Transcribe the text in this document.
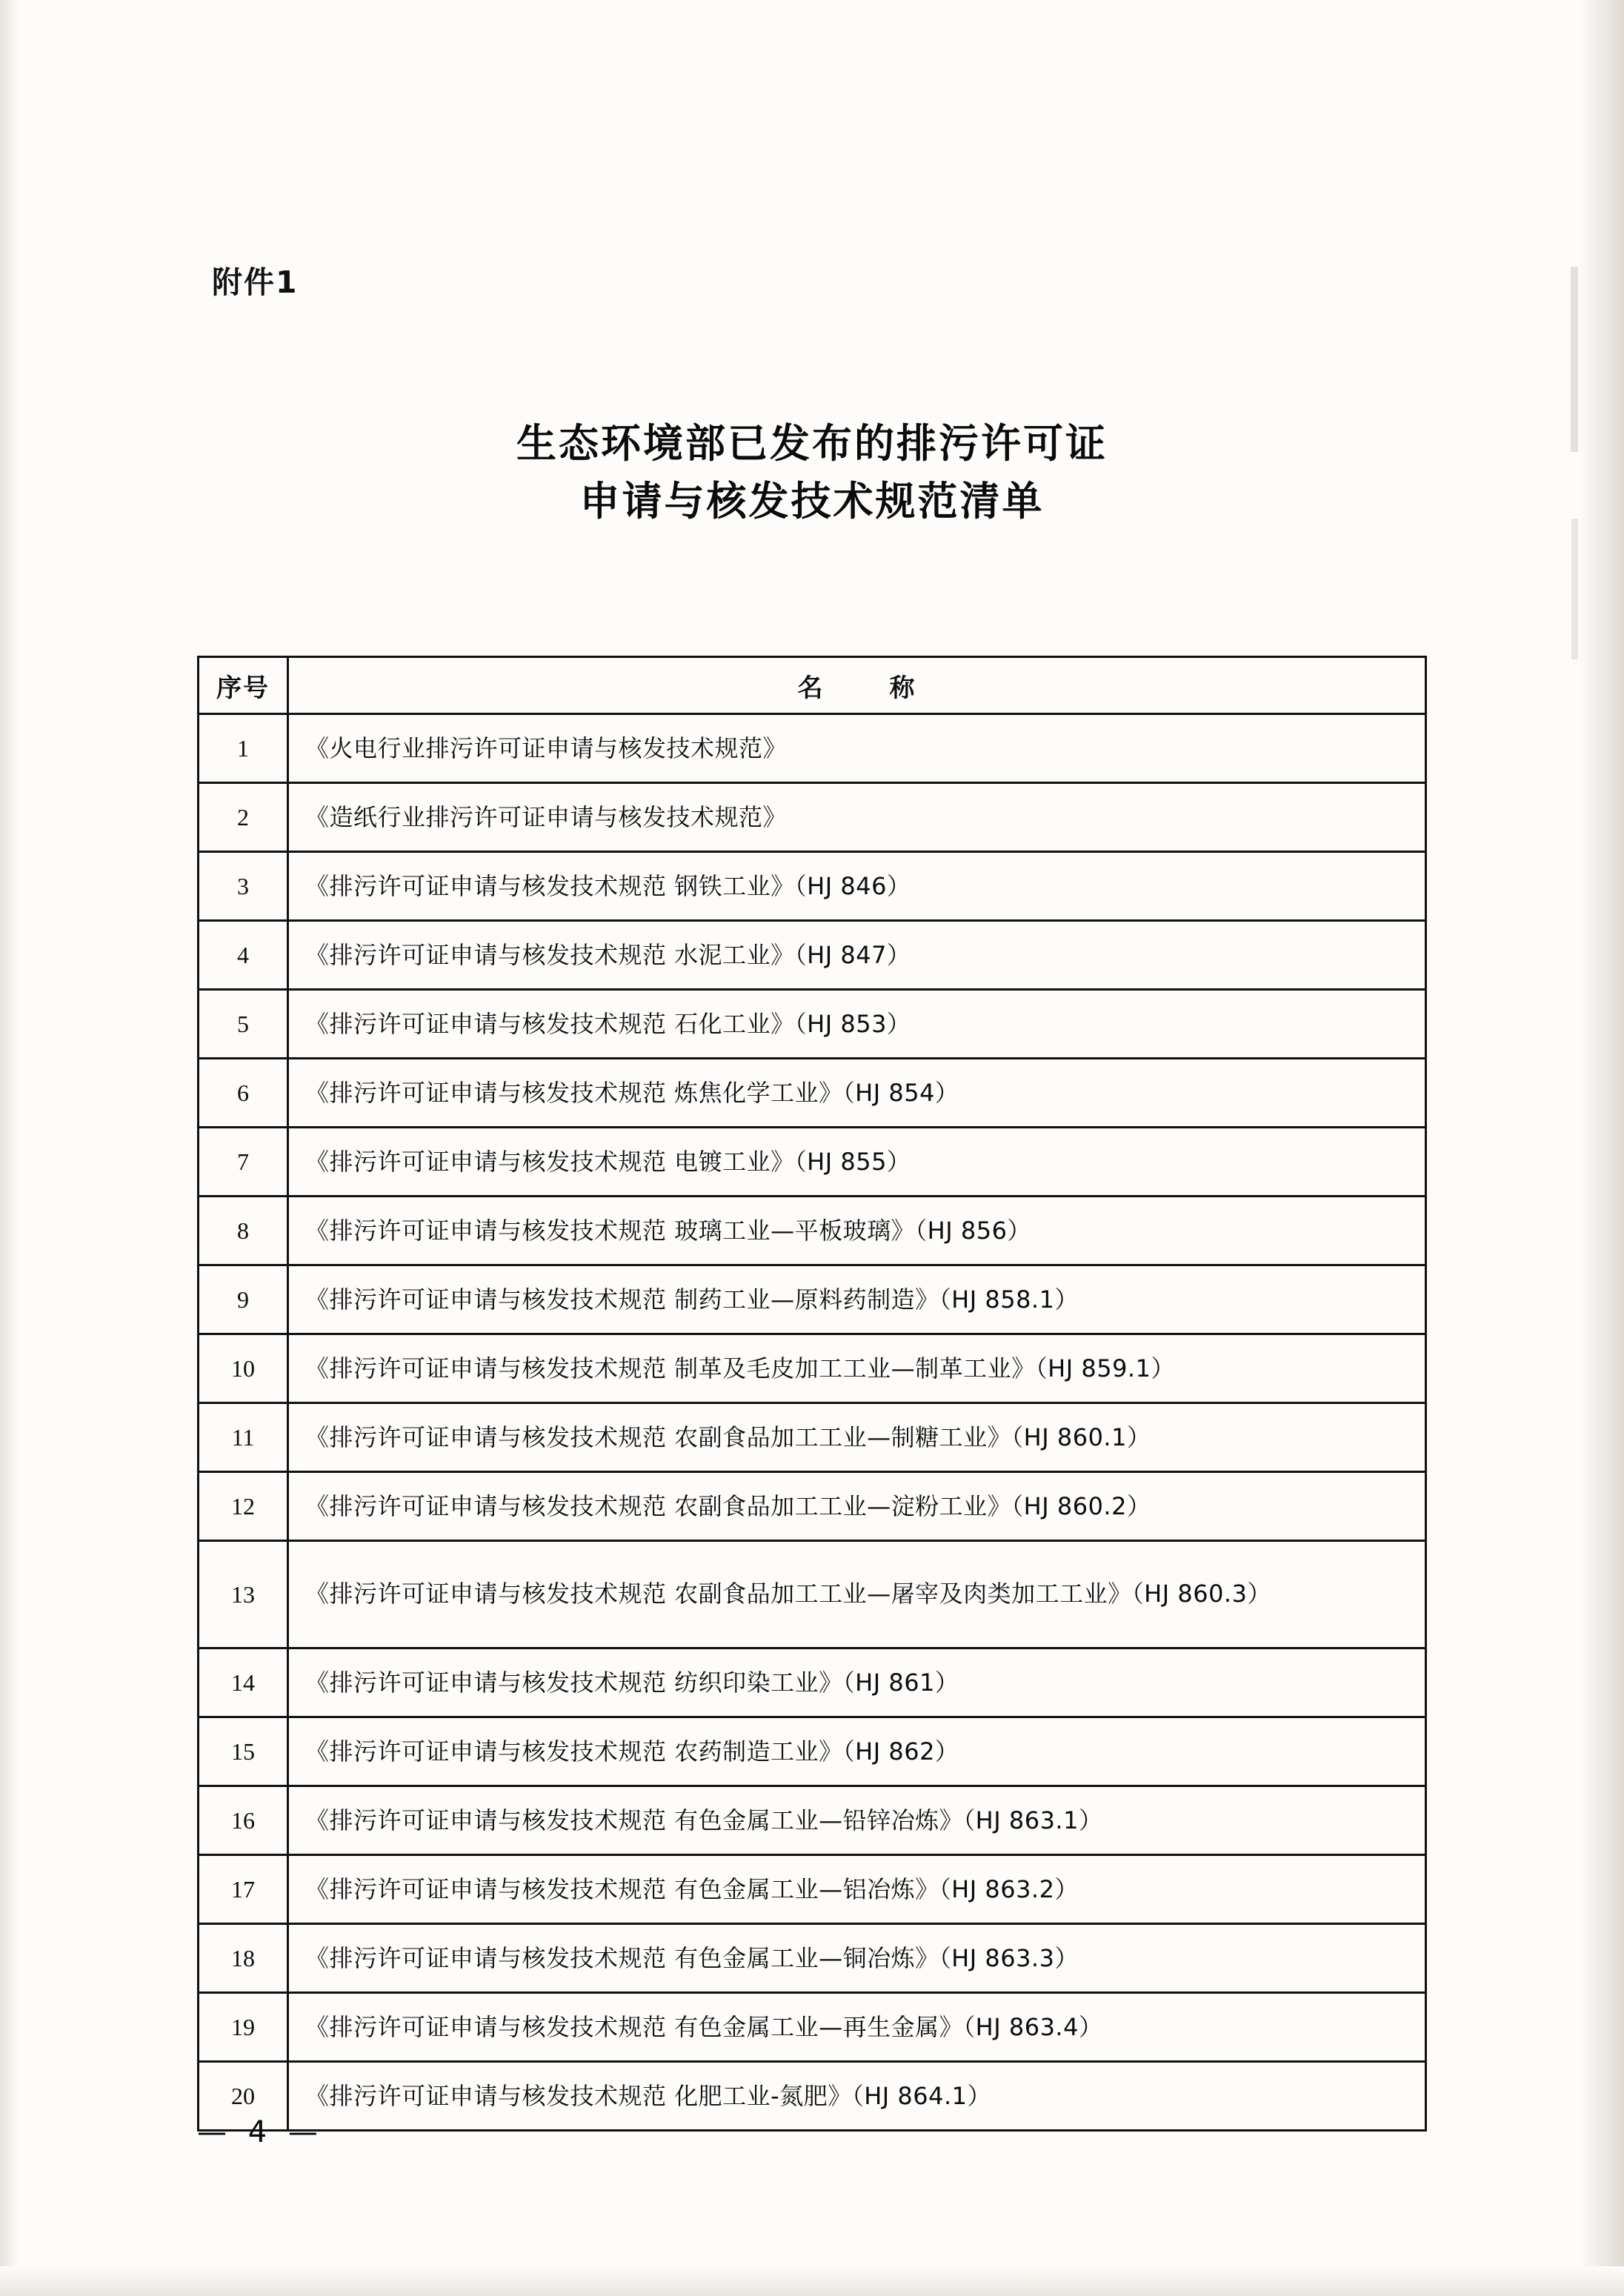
附件1
生态环境部已发布的排污许可证
申请与核发技术规范清单
序号	名　称

1	《火电行业排污许可证申请与核发技术规范》
2	《造纸行业排污许可证申请与核发技术规范》
3	《排污许可证申请与核发技术规范 钢铁工业》（HJ 846）
4	《排污许可证申请与核发技术规范 水泥工业》（HJ 847）
5	《排污许可证申请与核发技术规范 石化工业》（HJ 853）
6	《排污许可证申请与核发技术规范 炼焦化学工业》（HJ 854）
7	《排污许可证申请与核发技术规范 电镀工业》（HJ 855）
8	《排污许可证申请与核发技术规范 玻璃工业—平板玻璃》（HJ 856）
9	《排污许可证申请与核发技术规范 制药工业—原料药制造》（HJ 858.1）
10	《排污许可证申请与核发技术规范 制革及毛皮加工工业—制革工业》（HJ 859.1）
11	《排污许可证申请与核发技术规范 农副食品加工工业—制糖工业》（HJ 860.1）
12	《排污许可证申请与核发技术规范 农副食品加工工业—淀粉工业》（HJ 860.2）
13	《排污许可证申请与核发技术规范 农副食品加工工业—屠宰及肉类加工工业》（HJ 860.3）
14	《排污许可证申请与核发技术规范 纺织印染工业》（HJ 861）
15	《排污许可证申请与核发技术规范 农药制造工业》（HJ 862）
16	《排污许可证申请与核发技术规范 有色金属工业—铅锌冶炼》（HJ 863.1）
17	《排污许可证申请与核发技术规范 有色金属工业—铝冶炼》（HJ 863.2）
18	《排污许可证申请与核发技术规范 有色金属工业—铜冶炼》（HJ 863.3）
19	《排污许可证申请与核发技术规范 有色金属工业—再生金属》（HJ 863.4）
20	《排污许可证申请与核发技术规范 化肥工业-氮肥》（HJ 864.1）
— 4 —
